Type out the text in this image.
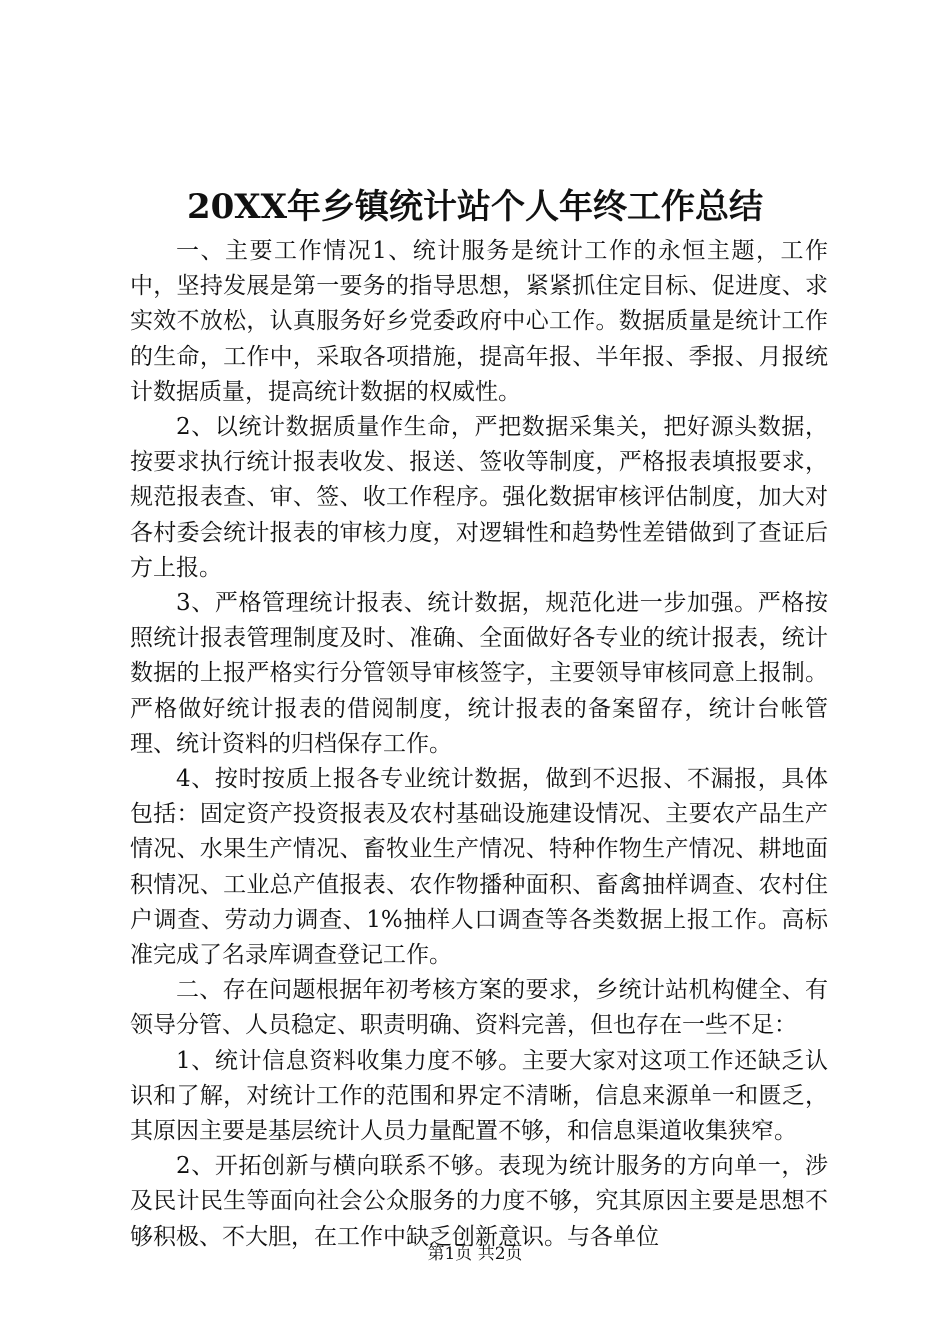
20XX年乡镇统计站个人年终工作总结

一、主要工作情况1、统计服务是统计工作的永恒主题，工作中，坚持发展是第一要务的指导思想，紧紧抓住定目标、促进度、求实效不放松，认真服务好乡党委政府中心工作。数据质量是统计工作的生命，工作中，采取各项措施，提高年报、半年报、季报、月报统计数据质量，提高统计数据的权威性。

2、以统计数据质量作生命，严把数据采集关，把好源头数据，按要求执行统计报表收发、报送、签收等制度，严格报表填报要求，规范报表查、审、签、收工作程序。强化数据审核评估制度，加大对各村委会统计报表的审核力度，对逻辑性和趋势性差错做到了查证后方上报。

3、严格管理统计报表、统计数据，规范化进一步加强。严格按照统计报表管理制度及时、准确、全面做好各专业的统计报表，统计数据的上报严格实行分管领导审核签字，主要领导审核同意上报制。严格做好统计报表的借阅制度，统计报表的备案留存，统计台帐管理、统计资料的归档保存工作。

4、按时按质上报各专业统计数据，做到不迟报、不漏报，具体包括：固定资产投资报表及农村基础设施建设情况、主要农产品生产情况、水果生产情况、畜牧业生产情况、特种作物生产情况、耕地面积情况、工业总产值报表、农作物播种面积、畜禽抽样调查、农村住户调查、劳动力调查、1%抽样人口调查等各类数据上报工作。高标准完成了名录库调查登记工作。

二、存在问题根据年初考核方案的要求，乡统计站机构健全、有领导分管、人员稳定、职责明确、资料完善，但也存在一些不足：

1、统计信息资料收集力度不够。主要大家对这项工作还缺乏认识和了解，对统计工作的范围和界定不清晰，信息来源单一和匮乏，其原因主要是基层统计人员力量配置不够，和信息渠道收集狭窄。

2、开拓创新与横向联系不够。表现为统计服务的方向单一，涉及民计民生等面向社会公众服务的力度不够，究其原因主要是思想不够积极、不大胆，在工作中缺乏创新意识。与各单位

第1页 共2页
